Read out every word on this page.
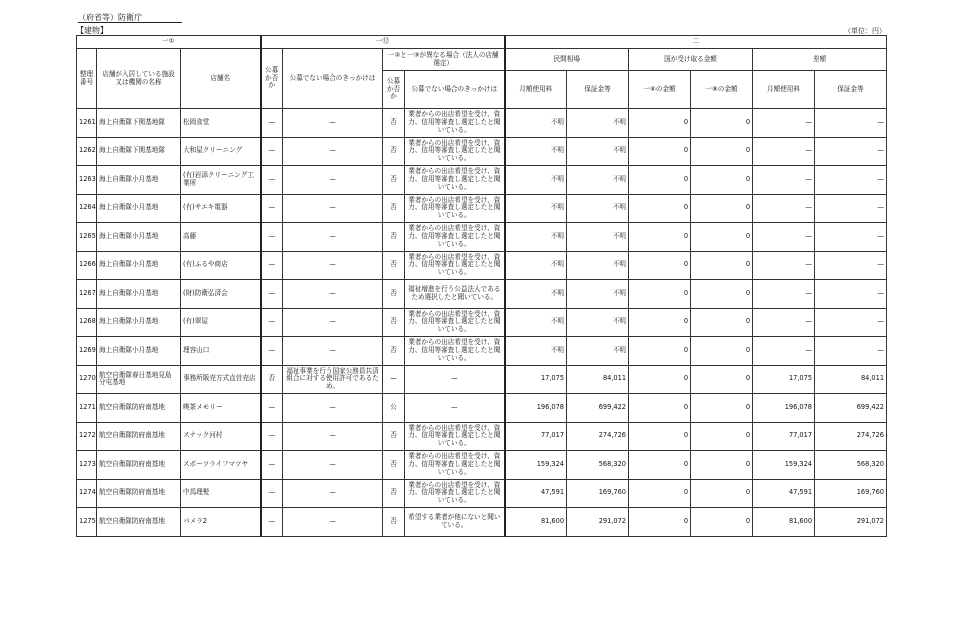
（府省等）防衛庁
【建物】	（単位：円）
一①			一⑫				二					
整理番号	店舗が入居している施設又は機関の名称	店舗名	公募か否か	公募でない場合のきっかけは	一②と一③が異なる場合（法人の店舗選定）		民間相場		国が受け取る金額		差額	
					公募か否か	公募でない場合のきっかけは	月額使用料	保証金等	一⑥の金額	一⑧の金額	月額使用料	保証金等
1261	海上自衛隊下関基地隊	松岡食堂	—	—	否	業者からの出店希望を受け、資力、信用等審査し選定したと聞いている。	不明	不明	0	0	—	—
1262	海上自衛隊下関基地隊	大和屋クリーニング	—	—	否	業者からの出店希望を受け、資力、信用等審査し選定したと聞いている。	不明	不明	0	0	—	—
1263	海上自衛隊小月基地	(有)岩添クリーニング工業所	—	—	否	業者からの出店希望を受け、資力、信用等審査し選定したと聞いている。	不明	不明	0	0	—	—
1264	海上自衛隊小月基地	(有)サエキ電器	—	—	否	業者からの出店希望を受け、資力、信用等審査し選定したと聞いている。	不明	不明	0	0	—	—
1265	海上自衛隊小月基地	高藤	—	—	否	業者からの出店希望を受け、資力、信用等審査し選定したと聞いている。	不明	不明	0	0	—	—
1266	海上自衛隊小月基地	(有)ふるや商店	—	—	否	業者からの出店希望を受け、資力、信用等審査し選定したと聞いている。	不明	不明	0	0	—	—
1267	海上自衛隊小月基地	(財)防衛弘済会	—	—	否	福祉増進を行う公益法人であるため選択したと聞いている。	不明	不明	0	0	—	—
1268	海上自衛隊小月基地	(有)翠屋	—	—	否	業者からの出店希望を受け、資力、信用等審査し選定したと聞いている。	不明	不明	0	0	—	—
1269	海上自衛隊小月基地	理容山口	—	—	否	業者からの出店希望を受け、資力、信用等審査し選定したと聞いている。	不明	不明	0	0	—	—
1270	航空自衛隊春日基地見島分屯基地	事務所販売方式直営売店	否	福祉事業を行う国家公務員共済組合に対する使用許可であるため。	—	—	17,075	84,011	0	0	17,075	84,011
1271	航空自衛隊防府南基地	喫茶メモリー	—	—	公	—	196,078	699,422	0	0	196,078	699,422
1272	航空自衛隊防府南基地	スナック河村	—	—	否	業者からの出店希望を受け、資力、信用等審査し選定したと聞いている。	77,017	274,726	0	0	77,017	274,726
1273	航空自衛隊防府南基地	スポーツライフマツヤ	—	—	否	業者からの出店希望を受け、資力、信用等審査し選定したと聞いている。	159,324	568,320	0	0	159,324	568,320
1274	航空自衛隊防府南基地	中馬理髪	—	—	否	業者からの出店希望を受け、資力、信用等審査し選定したと聞いている。	47,591	169,760	0	0	47,591	169,760
1275	航空自衛隊防府南基地	パメラ2	—	—	否	希望する業者が他にないと聞いている。	81,600	291,072	0	0	81,600	291,072
